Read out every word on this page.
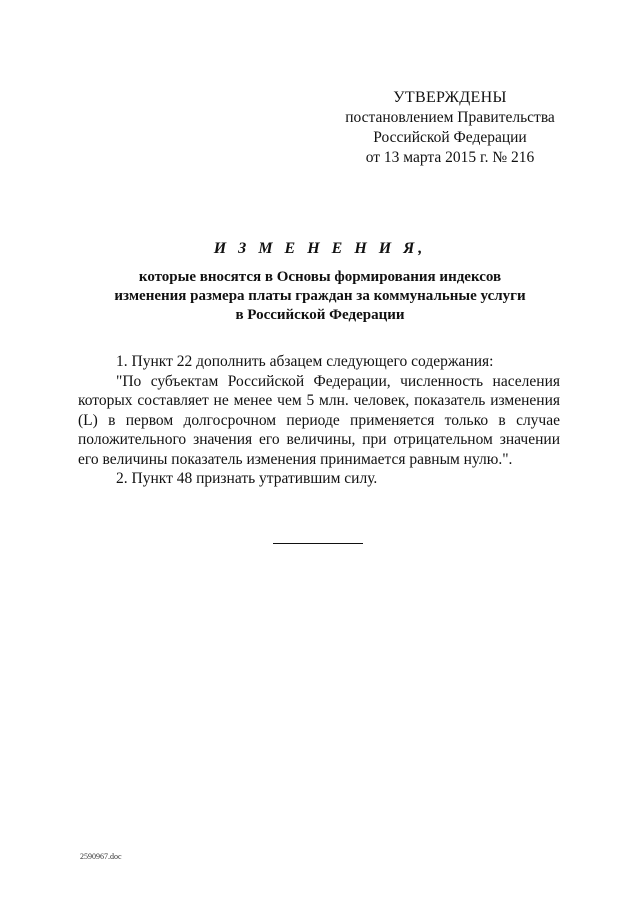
УТВЕРЖДЕНЫ
постановлением Правительства
Российской Федерации
от 13 марта 2015 г. № 216
И З М Е Н Е Н И Я,
которые вносятся в Основы формирования индексов
изменения размера платы граждан за коммунальные услуги
в Российской Федерации

1. Пункт 22 дополнить абзацем следующего содержания:

"По субъектам Российской Федерации, численность населения которых составляет не менее чем 5 млн. человек, показатель изменения (L) в первом долгосрочном периоде применяется только в случае положительного значения его величины, при отрицательном значении его величины показатель изменения принимается равным нулю.".

2. Пункт 48 признать утратившим силу.

2590967.doc
